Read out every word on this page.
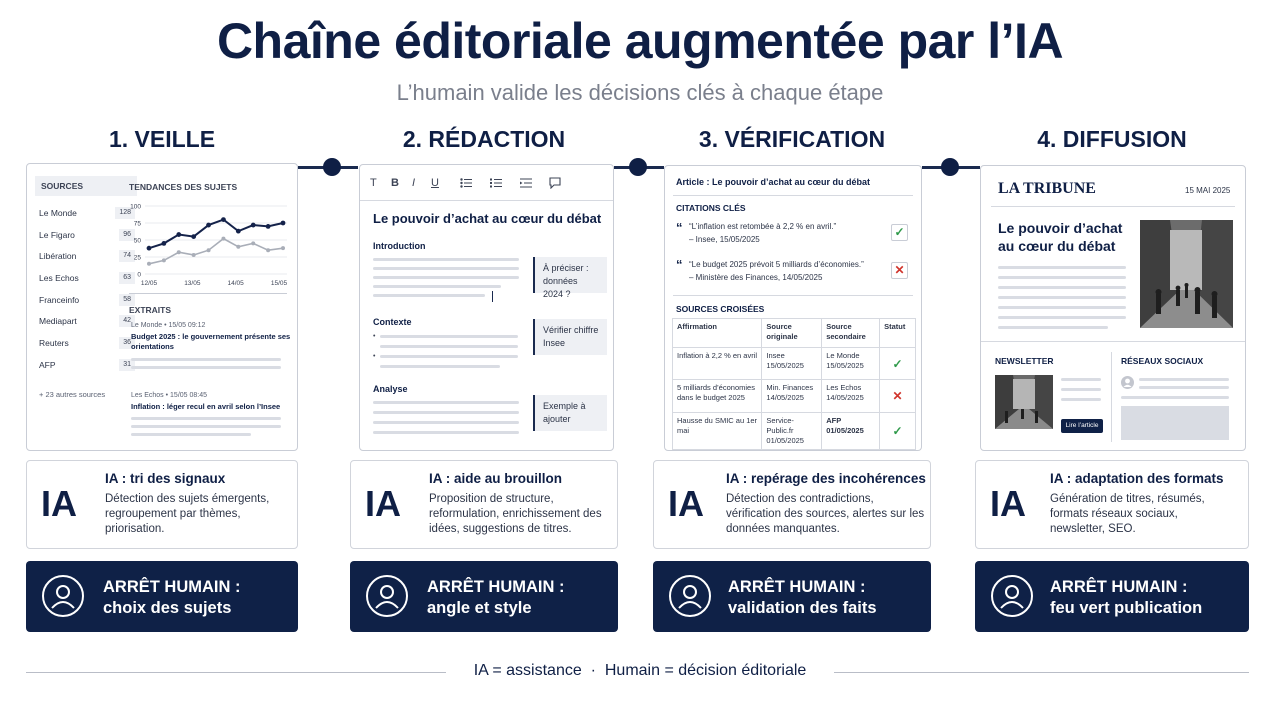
Chaîne éditoriale augmentée par l’IA
L’humain valide les décisions clés à chaque étape
1. VEILLE	2. RÉDACTION	3. VÉRIFICATION	4. DIFFUSION
SOURCES
Le Monde	128
Le Figaro	96
Libération	74
Les Echos	63
Franceinfo	58
Mediapart	42
Reuters	36
AFP	31
+ 23 autres sources
TENDANCES DES SUJETS
0
25
50
75
100
12/05	13/05	14/05	15/05
EXTRAITS
Le Monde • 15/05 09:12
Budget 2025 : le gouvernement présente ses orientations
Les Echos • 15/05 08:45
Inflation : léger recul en avril selon l’Insee
T B I U
Le pouvoir d’achat au cœur du débat
Introduction
À préciser : données 2024 ?
Contexte
•
•
Vérifier chiffre Insee
Analyse
Exemple à ajouter
Article : Le pouvoir d’achat au cœur du débat
CITATIONS CLÉS
“ “L’inflation est retombée à 2,2 % en avril.”
– Insee, 15/05/2025
✓
“ “Le budget 2025 prévoit 5 milliards d’économies.”
– Ministère des Finances, 14/05/2025
✕
SOURCES CROISÉES
Affirmation	Source originale	Source secondaire	Statut
Inflation à 2,2 % en avril	Insee 15/05/2025	Le Monde 15/05/2025	✓
5 milliards d’économies dans le budget 2025	Min. Finances 14/05/2025	Les Echos 14/05/2025	✕
Hausse du SMIC au 1er mai	Service-Public.fr 01/05/2025	AFP 01/05/2025	✓
LA TRIBUNE	15 MAI 2025
Le pouvoir d’achat au cœur du débat
NEWSLETTER	RÉSEAUX SOCIAUX
Lire l’article
IA
IA : tri des signaux
Détection des sujets émergents, regroupement par thèmes, priorisation.
IA
IA : aide au brouillon
Proposition de structure, reformulation, enrichissement des idées, suggestions de titres.
IA
IA : repérage des incohérences
Détection des contradictions, vérification des sources, alertes sur les données manquantes.
IA
IA : adaptation des formats
Génération de titres, résumés, formats réseaux sociaux, newsletter, SEO.
ARRÊT HUMAIN :
choix des sujets
ARRÊT HUMAIN :
angle et style
ARRÊT HUMAIN :
validation des faits
ARRÊT HUMAIN :
feu vert publication
IA = assistance  ·  Humain = décision éditoriale
